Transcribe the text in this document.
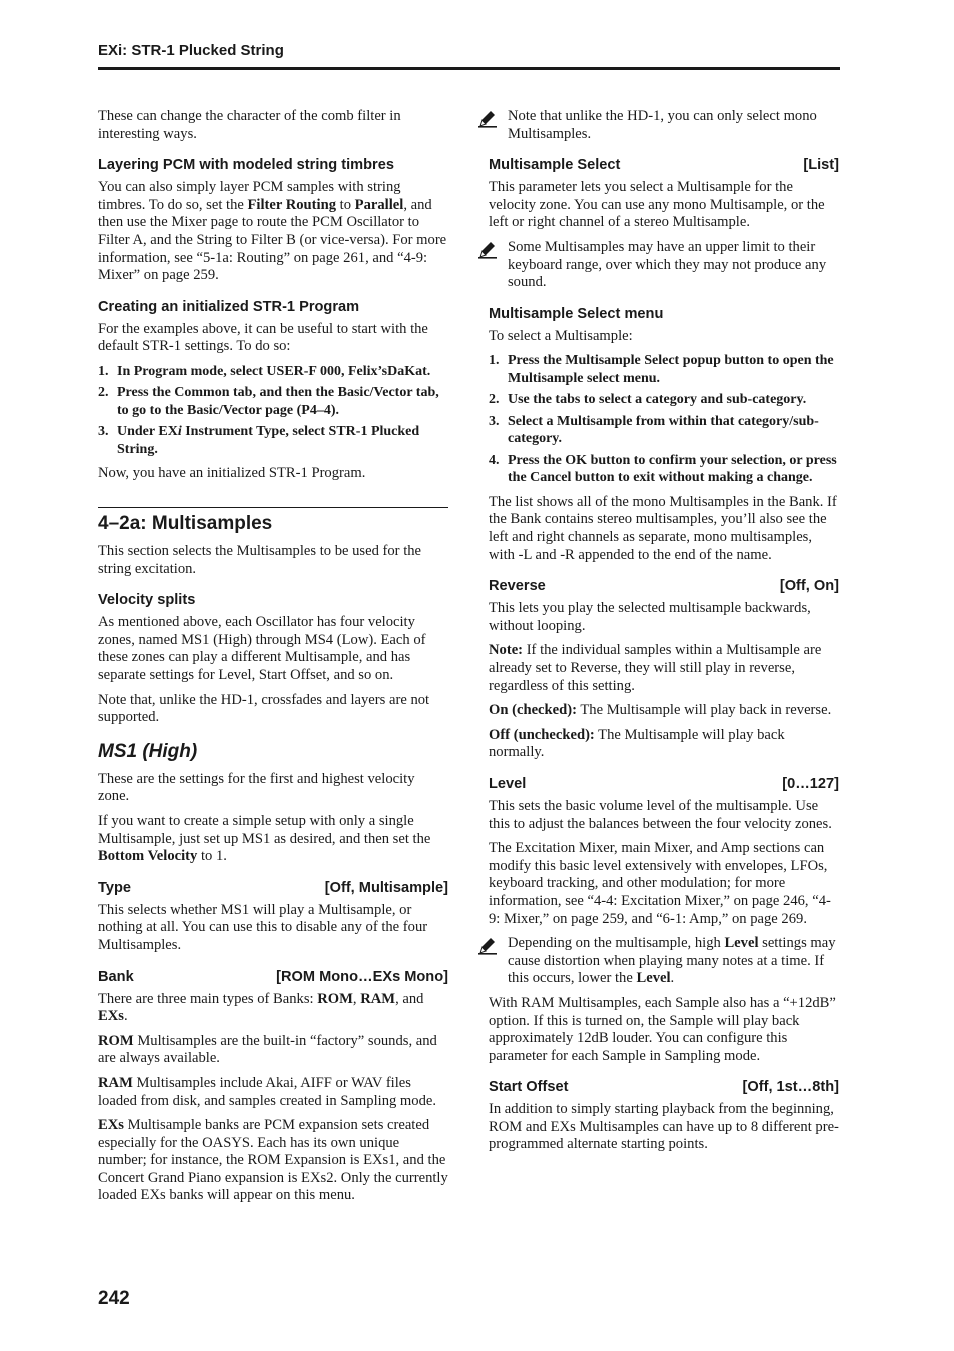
EXi: STR-1 Plucked String

These can change the character of the comb filter in interesting ways.

Layering PCM with modeled string timbres

You can also simply layer PCM samples with string timbres. To do so, set the Filter Routing to Parallel, and then use the Mixer page to route the PCM Oscillator to Filter A, and the String to Filter B (or vice-versa). For more information, see “5-1a: Routing” on page 261, and “4-9: Mixer” on page 259.

Creating an initialized STR-1 Program

For the examples above, it can be useful to start with the default STR-1 settings. To do so:

1. In Program mode, select USER-F 000, Felix’sDaKat.
2. Press the Common tab, and then the Basic/Vector tab, to go to the Basic/Vector page (P4–4).
3. Under EXi Instrument Type, select STR-1 Plucked String.

Now, you have an initialized STR-1 Program.

4–2a: Multisamples

This section selects the Multisamples to be used for the string excitation.

Velocity splits

As mentioned above, each Oscillator has four velocity zones, named MS1 (High) through MS4 (Low). Each of these zones can play a different Multisample, and has separate settings for Level, Start Offset, and so on.

Note that, unlike the HD-1, crossfades and layers are not supported.

MS1 (High)

These are the settings for the first and highest velocity zone.

If you want to create a simple setup with only a single Multisample, just set up MS1 as desired, and then set the Bottom Velocity to 1.

Type	[Off, Multisample]

This selects whether MS1 will play a Multisample, or nothing at all. You can use this to disable any of the four Multisamples.

Bank	[ROM Mono…EXs Mono]

There are three main types of Banks: ROM, RAM, and EXs.

ROM Multisamples are the built-in “factory” sounds, and are always available.

RAM Multisamples include Akai, AIFF or WAV files loaded from disk, and samples created in Sampling mode.

EXs Multisample banks are PCM expansion sets created especially for the OASYS. Each has its own unique number; for instance, the ROM Expansion is EXs1, and the Concert Grand Piano expansion is EXs2. Only the currently loaded EXs banks will appear on this menu.

Note that unlike the HD-1, you can only select mono Multisamples.

Multisample Select	[List]

This parameter lets you select a Multisample for the velocity zone. You can use any mono Multisample, or the left or right channel of a stereo Multisample.

Some Multisamples may have an upper limit to their keyboard range, over which they may not produce any sound.

Multisample Select menu

To select a Multisample:

1. Press the Multisample Select popup button to open the Multisample select menu.
2. Use the tabs to select a category and sub-category.
3. Select a Multisample from within that category/sub-category.
4. Press the OK button to confirm your selection, or press the Cancel button to exit without making a change.

The list shows all of the mono Multisamples in the Bank. If the Bank contains stereo multisamples, you’ll also see the left and right channels as separate, mono multisamples, with -L and -R appended to the end of the name.

Reverse	[Off, On]

This lets you play the selected multisample backwards, without looping.

Note: If the individual samples within a Multisample are already set to Reverse, they will still play in reverse, regardless of this setting.

On (checked): The Multisample will play back in reverse.

Off (unchecked): The Multisample will play back normally.

Level	[0…127]

This sets the basic volume level of the multisample. Use this to adjust the balances between the four velocity zones.

The Excitation Mixer, main Mixer, and Amp sections can modify this basic level extensively with envelopes, LFOs, keyboard tracking, and other modulation; for more information, see “4-4: Excitation Mixer,” on page 246, “4-9: Mixer,” on page 259, and “6-1: Amp,” on page 269.

Depending on the multisample, high Level settings may cause distortion when playing many notes at a time. If this occurs, lower the Level.

With RAM Multisamples, each Sample also has a “+12dB” option. If this is turned on, the Sample will play back approximately 12dB louder. You can configure this parameter for each Sample in Sampling mode.

Start Offset	[Off, 1st…8th]

In addition to simply starting playback from the beginning, ROM and EXs Multisamples can have up to 8 different pre-programmed alternate starting points.

242
